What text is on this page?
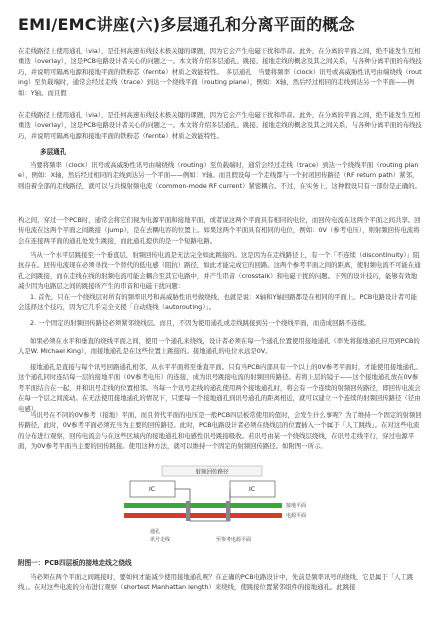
EMI/EMC讲座(六)多层通孔和分离平面的概念

在走线路径上使用通孔（via），是任何高速布线技术极关键的课题，因为它会产生电磁干扰和串音。此外，在分离的平面之间，绝不能发生互相重迭（overlay），这是PCB电路设计者关心的问题之一。本文将介绍多层通孔、跳接、接地走线的概念及其之间关系，与各种分离平面的布线技巧，并说明可隔离电源和接地平面的铁粉芯（ferrite）材质之效能特性。　多层通孔　当要将频率（clock）讯号或高威胁性讯号由端绕线（routing）至负载端时，通常会经过走线（trace）到达一个绕线平面（routing plane），例如：X轴，然后经过相同的走线到达另一个平面——例如：Y轴。而且假

在走线路径上使用通孔（via），是任何高速布线技术极关键的课题，因为它会产生电磁干扰和串音。此外，在分离的平面之间，绝不能发生互相重迭（overlay），这是PCB电路设计者关心的问题之一。本文将介绍多层通孔、跳接、接地走线的概念及其之间关系，与各种分离平面的布线技巧，并说明可隔离电源和接地平面的铁粉芯（ferrite）材质之效能特性。

多层通孔

当要将频率（clock）讯号或高威胁性讯号由端绕线（routing）至负载端时，通常会经过走线（trace）到达一个绕线平面（routing plane），例如：X轴，然后经过相同的走线到达另一个平面——例如：Y轴。而且假设每一个走线都与一个封闭回传路径（RF return path）紧邻，则沿着全部的走线路径，就可以与共模射频电流（common-mode RF current）紧密耦合。不过，在实务上，这种假设只有一部份是正确的。

构之间，穿过一个PCB时，通常会将它们视为电源平面和接地平面，或者说这两个平面具有相同的电位，而回传电流在这两个平面之间共享。回传电流在这两个平面之间跳接（jump），是在去耦电容的位置上。如果这两个平面具有相同的电位，例如：0V（参考电压），则射频回传电流将会在连接两平面的通孔处发生跳接，而此通孔提供的是一个短路电路。

当从一个水平层跳接至一个垂直层，射频回传电流是无法完全如此跳接的。这是因为在走线路径上，有一个「不连续（discontinuity）」阻抗存在。回传电流现在必须寻找一个替代的低电感（阻抗）路径，如此才能完成它的回路。这两个参考平面之间的距离，使射频电流不可能在通孔之间跳接，而在走线在线的射频电流可能会耦合至其它电路中，并产生串音（crosstalk）和电磁干扰的问题。下列的设计技巧，能够有效地减少因为电路层之间的跳接所产生的串音和电磁干扰问题：

1. 首先，只在一个绕线层对所有的频率讯号和高威胁性讯号做绕线，也就是说：X轴和Y轴回路都是在相同的平面上。PCB电路设计者可能会选择这个技巧，因为它几乎完全支援「自动绕线（autorouting）」。

2. 一个固定的射频回传路径必须紧邻绕线层。而且，不因为使用通孔或走线跳接到另一个绕线平面，而造成回路不连续。

如果必须在水平和垂直的绕线平面之间，使用一个通孔来绕线，设计者必须在每一个通孔位置使用接地通孔（率先将接地通孔应用到PCB的人是W. Michael King），而接地通孔是在这些位置上跳接的。接地通孔的电位永远是0V。

接地通孔是直接与每个讯号回路通孔相邻，从水平平面将至垂直平面。只有当PCB内部具有一个以上的0V参考平面时，才能使用接地通孔。这个通孔同时连结每一层的接地平面（0V参考电压）的连接，成为讯号跳接电流的射频回传路径。若将上层的镜子——这个接地通孔放在0V参考平面结合在一起，并和讯号走线的位置相邻。当每一个讯号走线的通孔使用两个接地通孔时，将会有一个连续的射频回传路径，即回传电流会在每一个层之间流动。在无法使用接地通孔的情况下，只要每一个接地通孔到讯号通孔的距离相近，就可以建立一个连续的射频回传路径（径由电感）。

当讯号在不同的0V参考（接地）平面，而且替代平面的电压是一般PCB四层板常使用的值时，会发生什么事呢？为了维持一个固定的射频回传路径，此时，0V参考平面必须充当为主要的回传路径。此时，PCB电路设计者必须在绕线层的位置插入一个属于「人工跳线」。在对这些电流的分布进行观察，回传电流会与在这些区域内的接地通孔和电感性讯号跳接吸收。若讯号由某一个绕线层绕线，在讯号走线平行，穿过电源平面，为0V参考平面当主要的回传跳接。使用这种方法，就可以维持一个固定的射频回传路径。如附图一所示。

射频回传路径
IC	IC
接地平面
电源平面
通孔
讯号走线	至参考电源平面
附图一：PCB四层板的接地走线之绕线

当必须在两个平面之间跳接时，要如何才能减少使用接地通孔呢？在正确的PCB电路设计中，先前是频率讯号的绕线，它是属于「人工跳线」。在对这些电流的分布进行观察（shortest Manhattan length）来绕线，使跳接位置紧邻组件的接地通孔。此跳接
